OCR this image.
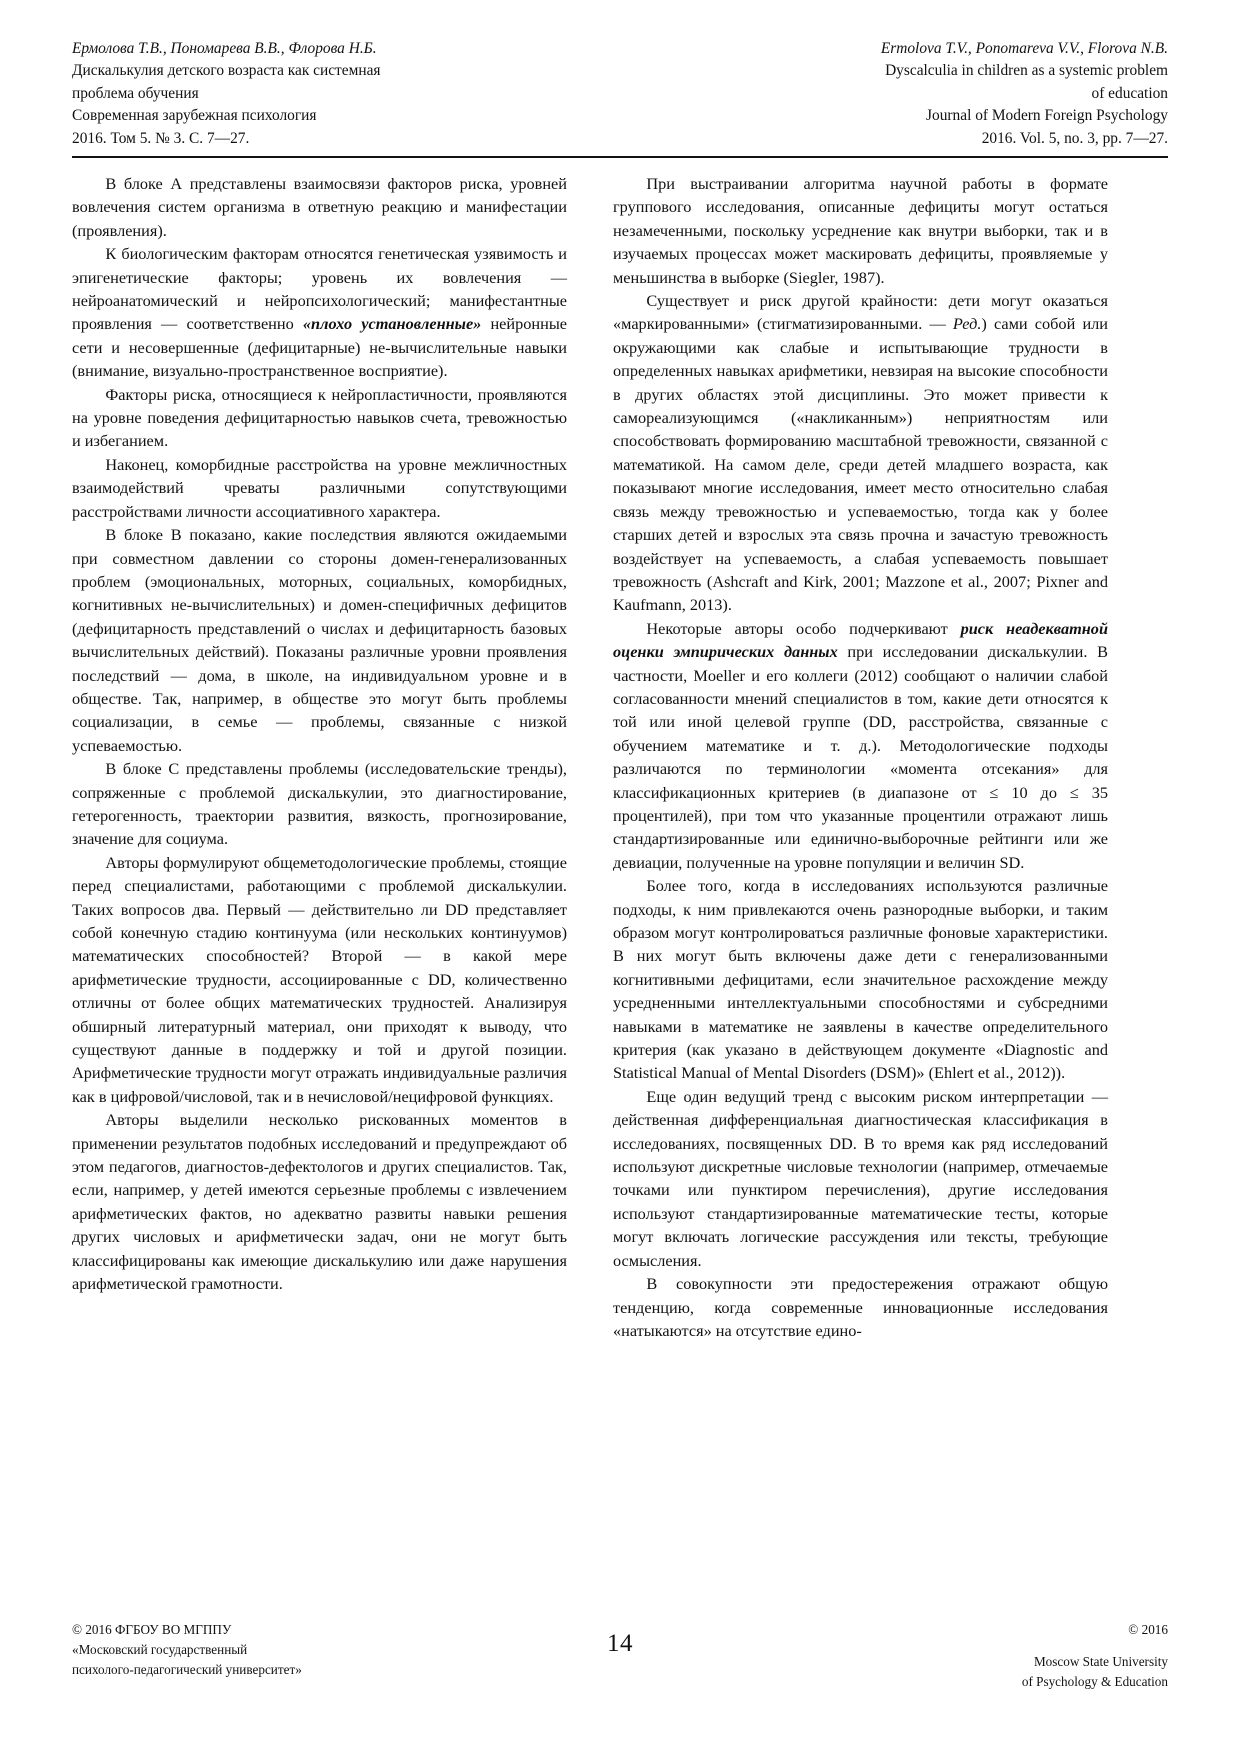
Ермолова Т.В., Пономарева В.В., Флорова Н.Б.
Дискалькулия детского возраста как системная
проблема обучения
Современная зарубежная психология
2016. Том 5. № 3. С. 7—27.
Ermolova T.V., Ponomareva V.V., Florova N.B.
Dyscalculia in children as a systemic problem
of education
Journal of Modern Foreign Psychology
2016. Vol. 5, no. 3, pp. 7—27.

В блоке А представлены взаимосвязи факторов риска, уровней вовлечения систем организма в ответную реакцию и манифестации (проявления).

К биологическим факторам относятся генетическая узявимость и эпигенетические факторы; уровень их вовлечения — нейроанатомический и нейропсихологический; манифестантные проявления — соответственно «плохо установленные» нейронные сети и несовершенные (дефицитарные) не-вычислительные навыки (внимание, визуально-пространственное восприятие).

Факторы риска, относящиеся к нейропластичности, проявляются на уровне поведения дефицитарностью навыков счета, тревожностью и избеганием.

Наконец, коморбидные расстройства на уровне межличностных взаимодействий чреваты различными сопутствующими расстройствами личности ассоциативного характера.

В блоке В показано, какие последствия являются ожидаемыми при совместном давлении со стороны домен-генерализованных проблем (эмоциональных, моторных, социальных, коморбидных, когнитивных не-вычислительных) и домен-специфичных дефицитов (дефицитарность представлений о числах и дефицитарность базовых вычислительных действий). Показаны различные уровни проявления последствий — дома, в школе, на индивидуальном уровне и в обществе. Так, например, в обществе это могут быть проблемы социализации, в семье — проблемы, связанные с низкой успеваемостью.

В блоке С представлены проблемы (исследовательские тренды), сопряженные с проблемой дискалькулии, это диагностирование, гетерогенность, траектории развития, вязкость, прогнозирование, значение для социума.

Авторы формулируют общеметодологические проблемы, стоящие перед специалистами, работающими с проблемой дискалькулии. Таких вопросов два. Первый — действительно ли DD представляет собой конечную стадию континуума (или нескольких континуумов) математических способностей? Второй — в какой мере арифметические трудности, ассоциированные с DD, количественно отличны от более общих математических трудностей. Анализируя обширный литературный материал, они приходят к выводу, что существуют данные в поддержку и той и другой позиции. Арифметические трудности могут отражать индивидуальные различия как в цифровой/числовой, так и в нечисловой/нецифровой функциях.

Авторы выделили несколько рискованных моментов в применении результатов подобных исследований и предупреждают об этом педагогов, диагностов-дефектологов и других специалистов. Так, если, например, у детей имеются серьезные проблемы с извлечением арифметических фактов, но адекватно развиты навыки решения других числовых и арифметически задач, они не могут быть классифицированы как имеющие дискалькулию или даже нарушения арифметической грамотности.

При выстраивании алгоритма научной работы в формате группового исследования, описанные дефициты могут остаться незамеченными, поскольку усреднение как внутри выборки, так и в изучаемых процессах может маскировать дефициты, проявляемые у меньшинства в выборке (Siegler, 1987).

Существует и риск другой крайности: дети могут оказаться «маркированными» (стигматизированными. — Ред.) сами собой или окружающими как слабые и испытывающие трудности в определенных навыках арифметики, невзирая на высокие способности в других областях этой дисциплины. Это может привести к самореализующимся («накликанным») неприятностям или способствовать формированию масштабной тревожности, связанной с математикой. На самом деле, среди детей младшего возраста, как показывают многие исследования, имеет место относительно слабая связь между тревожностью и успеваемостью, тогда как у более старших детей и взрослых эта связь прочна и зачастую тревожность воздействует на успеваемость, а слабая успеваемость повышает тревожность (Ashcraft and Kirk, 2001; Mazzone et al., 2007; Pixner and Kaufmann, 2013).

Некоторые авторы особо подчеркивают риск неадекватной оценки эмпирических данных при исследовании дискалькулии. В частности, Moeller и его коллеги (2012) сообщают о наличии слабой согласованности мнений специалистов в том, какие дети относятся к той или иной целевой группе (DD, расстройства, связанные с обучением математике и т. д.). Методологические подходы различаются по терминологии «момента отсекания» для классификационных критериев (в диапазоне от ≤ 10 до ≤ 35 процентилей), при том что указанные процентили отражают лишь стандартизированные или единично-выборочные рейтинги или же девиации, полученные на уровне популяции и величин SD.

Более того, когда в исследованиях используются различные подходы, к ним привлекаются очень разнородные выборки, и таким образом могут контролироваться различные фоновые характеристики. В них могут быть включены даже дети с генерализованными когнитивными дефицитами, если значительное расхождение между усредненными интеллектуальными способностями и субсредними навыками в математике не заявлены в качестве определительного критерия (как указано в действующем документе «Diagnostic and Statistical Manual of Mental Disorders (DSM)» (Ehlert et al., 2012)).

Еще один ведущий тренд с высоким риском интерпретации — действенная дифференциальная диагностическая классификация в исследованиях, посвященных DD. В то время как ряд исследований используют дискретные числовые технологии (например, отмечаемые точками или пунктиром перечисления), другие исследования используют стандартизированные математические тесты, которые могут включать логические рассуждения или тексты, требующие осмысления.

В совокупности эти предостережения отражают общую тенденцию, когда современные инновационные исследования «натыкаются» на отсутствие едино-

14
© 2016 ФГБОУ ВО МГППУ
«Московский государственный
психолого-педагогический университет»
© 2016
Moscow State University
of Psychology & Education
